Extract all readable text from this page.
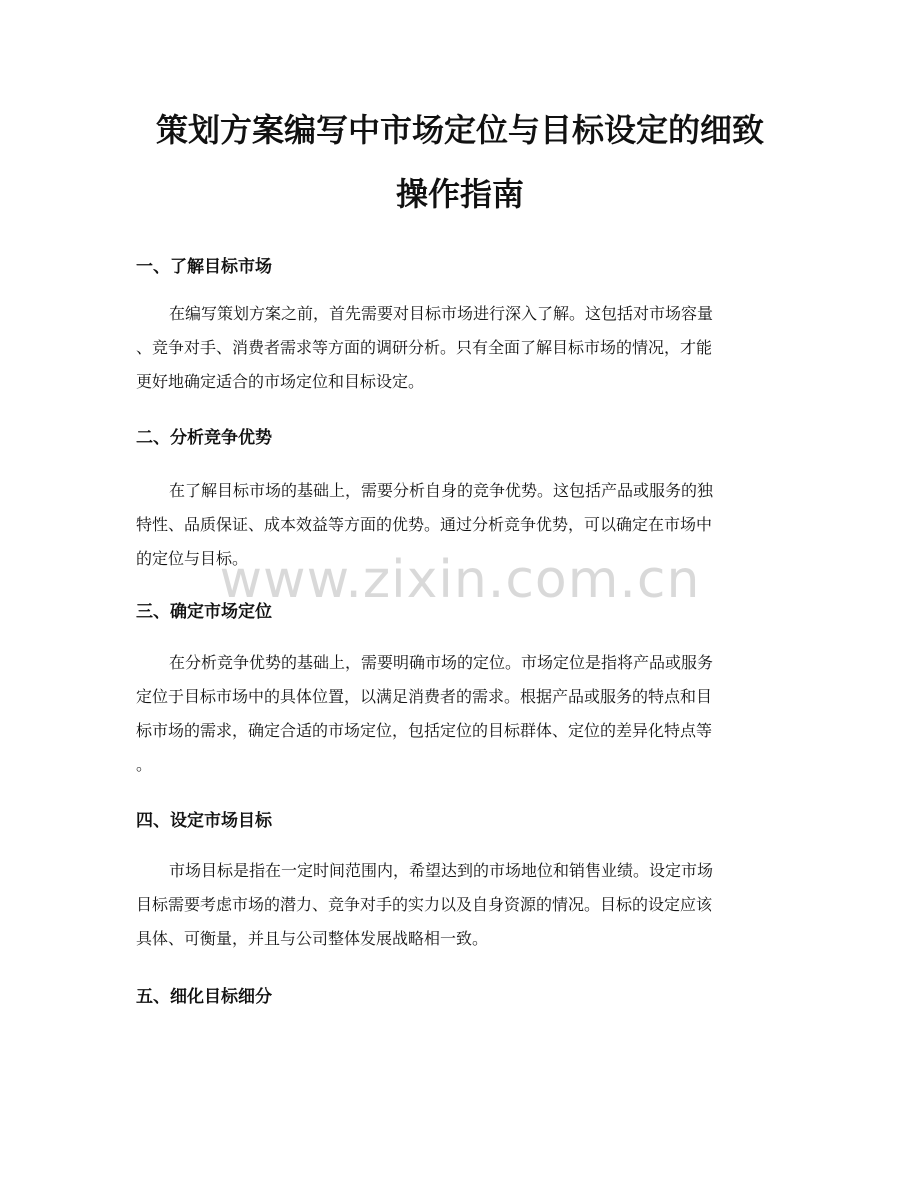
策划方案编写中市场定位与目标设定的细致
操作指南
一、了解目标市场
在编写策划方案之前，首先需要对目标市场进行深入了解。这包括对市场容量
、竞争对手、消费者需求等方面的调研分析。只有全面了解目标市场的情况，才能
更好地确定适合的市场定位和目标设定。
二、分析竞争优势
在了解目标市场的基础上，需要分析自身的竞争优势。这包括产品或服务的独
特性、品质保证、成本效益等方面的优势。通过分析竞争优势，可以确定在市场中
的定位与目标。
三、确定市场定位
在分析竞争优势的基础上，需要明确市场的定位。市场定位是指将产品或服务
定位于目标市场中的具体位置，以满足消费者的需求。根据产品或服务的特点和目
标市场的需求，确定合适的市场定位，包括定位的目标群体、定位的差异化特点等
。
四、设定市场目标
市场目标是指在一定时间范围内，希望达到的市场地位和销售业绩。设定市场
目标需要考虑市场的潜力、竞争对手的实力以及自身资源的情况。目标的设定应该
具体、可衡量，并且与公司整体发展战略相一致。
五、细化目标细分
www.zixin.com.cn
